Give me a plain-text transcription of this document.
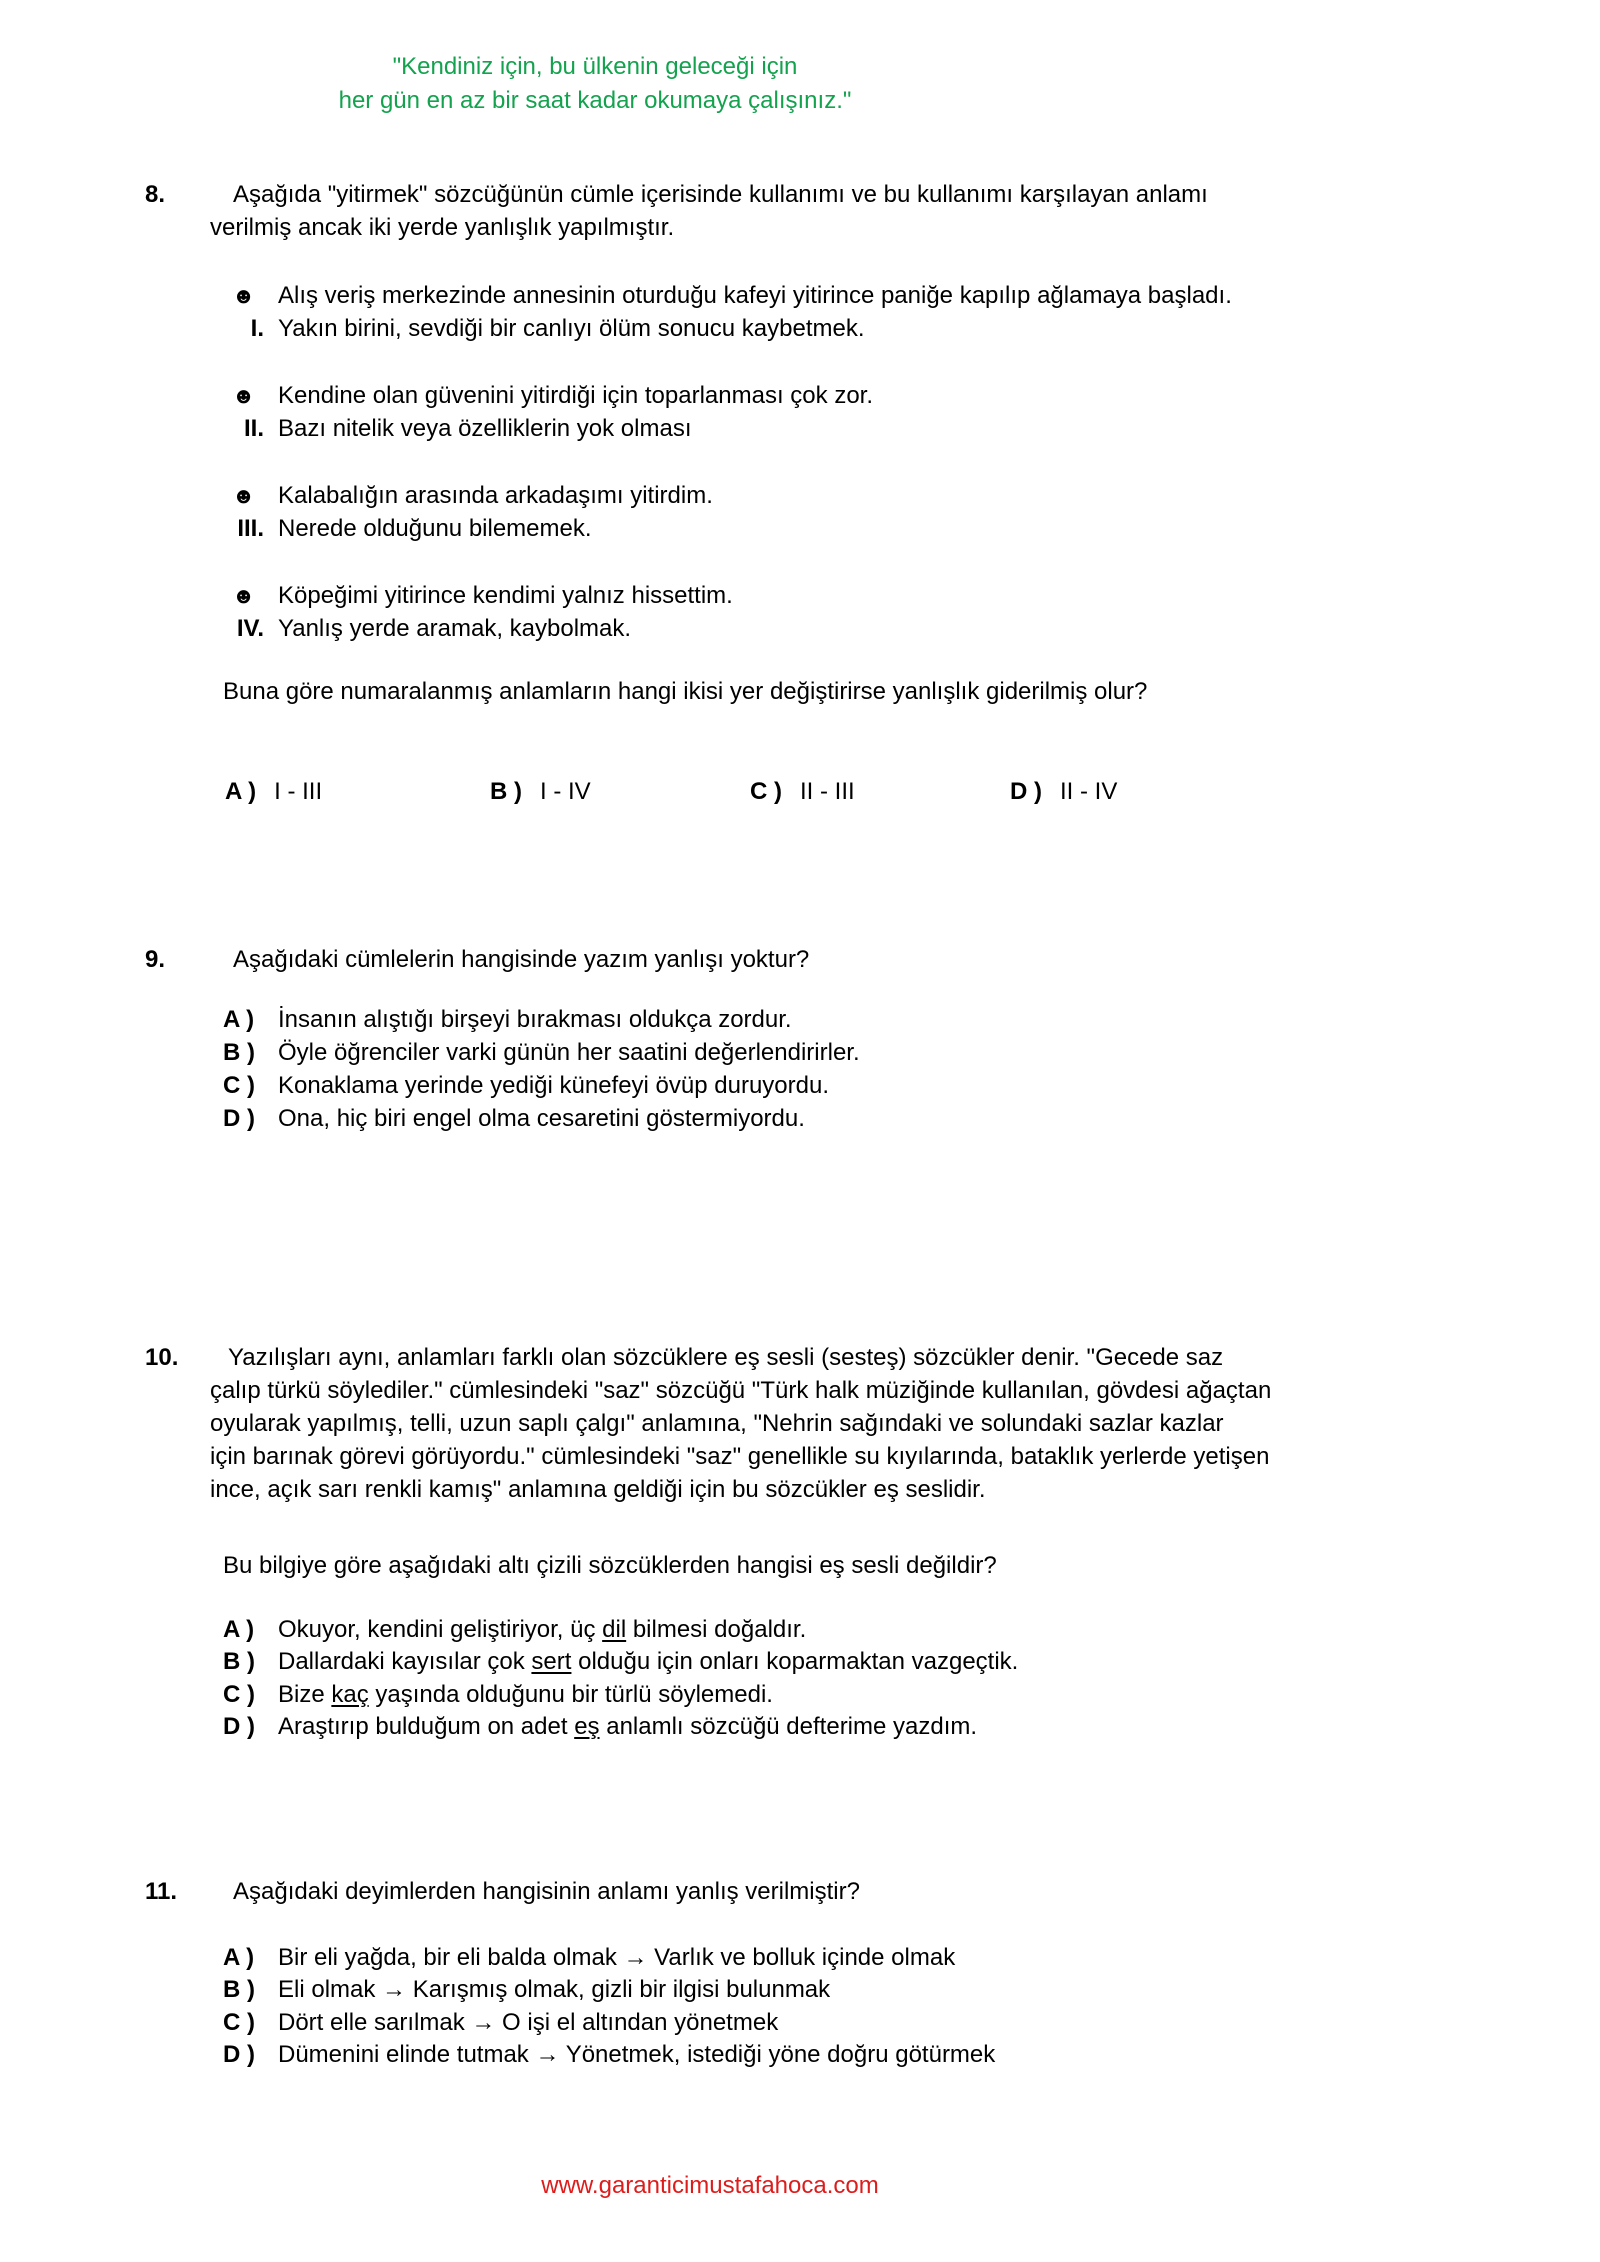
"Kendiniz için, bu ülkenin geleceği için
her gün en az bir saat kadar okumaya çalışınız."
8.	Aşağıda "yitirmek" sözcüğünün cümle içerisinde kullanımı ve bu kullanımı karşılayan anlamı
verilmiş ancak iki yerde yanlışlık yapılmıştır.
☻ Alış veriş merkezinde annesinin oturduğu kafeyi yitirince paniğe kapılıp ağlamaya başladı.
I. Yakın birini, sevdiği bir canlıyı ölüm sonucu kaybetmek.
☻ Kendine olan güvenini yitirdiği için toparlanması çok zor.
II. Bazı nitelik veya özelliklerin yok olması
☻ Kalabalığın arasında arkadaşımı yitirdim.
III. Nerede olduğunu bilememek.
☻ Köpeğimi yitirince kendimi yalnız hissettim.
IV. Yanlış yerde aramak, kaybolmak.
Buna göre numaralanmış anlamların hangi ikisi yer değiştirirse yanlışlık giderilmiş olur?
A ) I - III	B ) I - IV	C ) II - III	D ) II - IV
9.	Aşağıdaki cümlelerin hangisinde yazım yanlışı yoktur?
A ) İnsanın alıştığı birşeyi bırakması oldukça zordur.
B ) Öyle öğrenciler varki günün her saatini değerlendirirler.
C ) Konaklama yerinde yediği künefeyi övüp duruyordu.
D ) Ona, hiç biri engel olma cesaretini göstermiyordu.
10. Yazılışları aynı, anlamları farklı olan sözcüklere eş sesli (sesteş) sözcükler denir. "Gecede saz
çalıp türkü söylediler." cümlesindeki "saz" sözcüğü "Türk halk müziğinde kullanılan, gövdesi ağaçtan
oyularak yapılmış, telli, uzun saplı çalgı" anlamına, "Nehrin sağındaki ve solundaki sazlar kazlar
için barınak görevi görüyordu." cümlesindeki "saz" genellikle su kıyılarında, bataklık yerlerde yetişen
ince, açık sarı renkli kamış" anlamına geldiği için bu sözcükler eş seslidir.
Bu bilgiye göre aşağıdaki altı çizili sözcüklerden hangisi eş sesli değildir?
A ) Okuyor, kendini geliştiriyor, üç dil bilmesi doğaldır.
B ) Dallardaki kayısılar çok sert olduğu için onları koparmaktan vazgeçtik.
C ) Bize kaç yaşında olduğunu bir türlü söylemedi.
D ) Araştırıp bulduğum on adet eş anlamlı sözcüğü defterime yazdım.
11. Aşağıdaki deyimlerden hangisinin anlamı yanlış verilmiştir?
A ) Bir eli yağda, bir eli balda olmak → Varlık ve bolluk içinde olmak
B ) Eli olmak → Karışmış olmak, gizli bir ilgisi bulunmak
C ) Dört elle sarılmak → O işi el altından yönetmek
D ) Dümenini elinde tutmak → Yönetmek, istediği yöne doğru götürmek
www.garanticimustafahoca.com
